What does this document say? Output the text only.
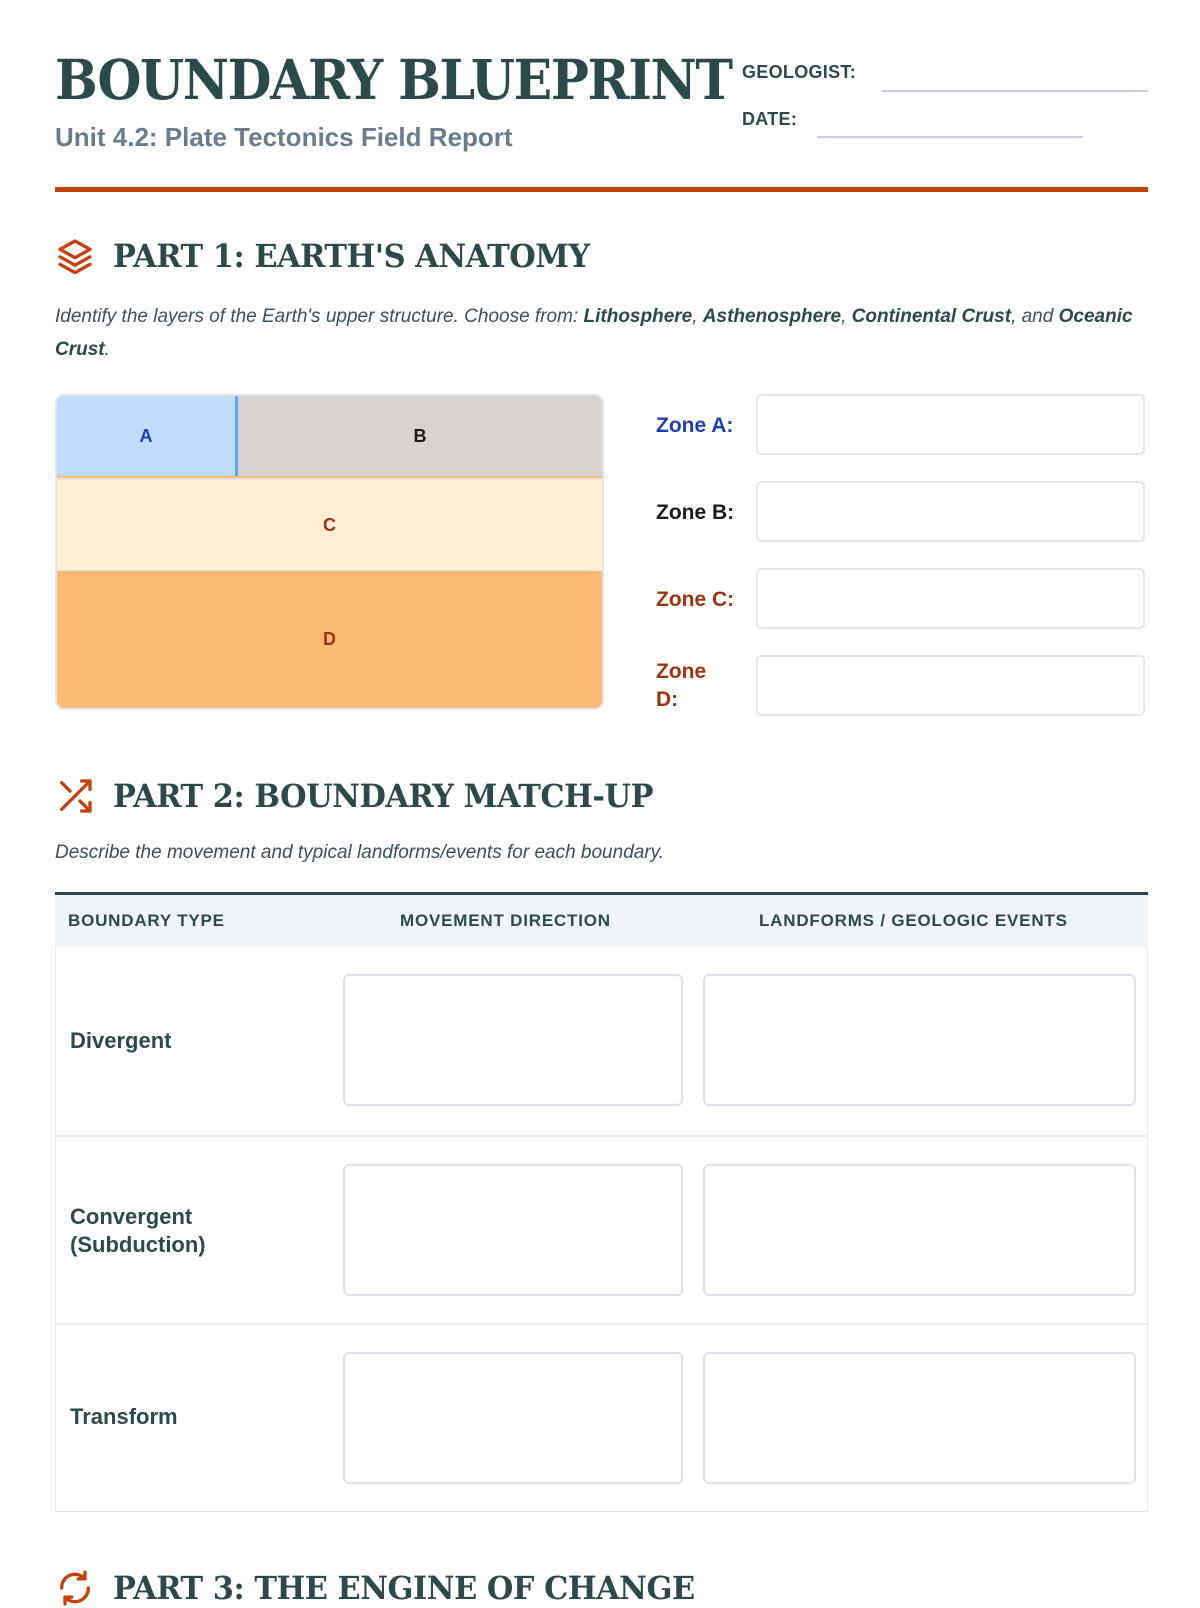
BOUNDARY BLUEPRINT

Unit 4.2: Plate Tectonics Field Report

GEOLOGIST:
DATE:
PART 1: EARTH'S ANATOMY

Identify the layers of the Earth's upper structure. Choose from: Lithosphere, Asthenosphere, Continental Crust, and Oceanic Crust.

A	B
C
D
Zone A:
Zone B:
Zone C:
Zone D:
PART 2: BOUNDARY MATCH-UP

Describe the movement and typical landforms/events for each boundary.

BOUNDARY TYPE	MOVEMENT DIRECTION	LANDFORMS / GEOLOGIC EVENTS
Divergent
Convergent (Subduction)
Transform
PART 3: THE ENGINE OF CHANGE
